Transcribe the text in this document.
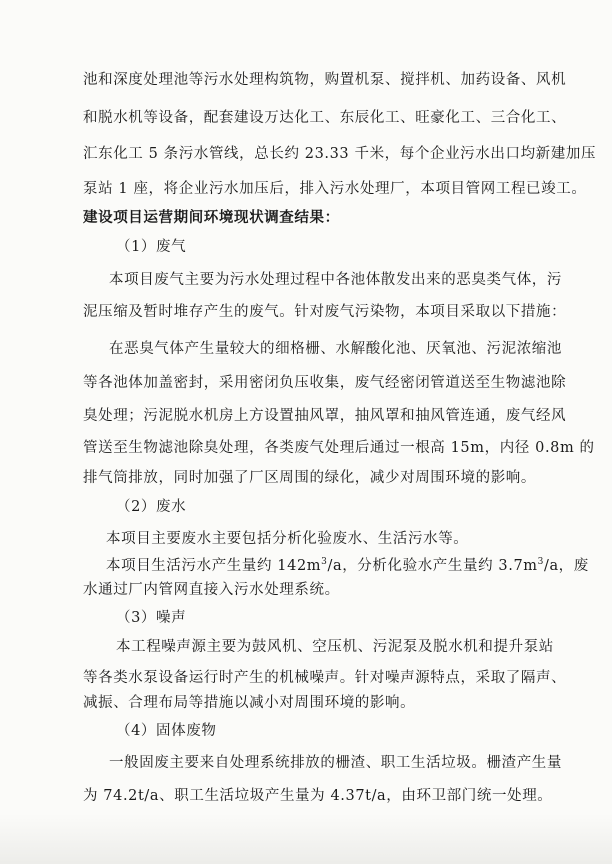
池和深度处理池等污水处理构筑物，购置机泵、搅拌机、加药设备、风机
和脱水机等设备，配套建设万达化工、东辰化工、旺豪化工、三合化工、
汇东化工 5 条污水管线，总长约 23.33 千米，每个企业污水出口均新建加压
泵站 1 座，将企业污水加压后，排入污水处理厂，本项目管网工程已竣工。
建设项目运营期间环境现状调查结果：
（1）废气
本项目废气主要为污水处理过程中各池体散发出来的恶臭类气体，污
泥压缩及暂时堆存产生的废气。针对废气污染物，本项目采取以下措施：
在恶臭气体产生量较大的细格栅、水解酸化池、厌氧池、污泥浓缩池
等各池体加盖密封，采用密闭负压收集，废气经密闭管道送至生物滤池除
臭处理；污泥脱水机房上方设置抽风罩，抽风罩和抽风管连通，废气经风
管送至生物滤池除臭处理，各类废气处理后通过一根高 15m，内径 0.8m 的
排气筒排放，同时加强了厂区周围的绿化，减少对周围环境的影响。
（2）废水
本项目主要废水主要包括分析化验废水、生活污水等。
本项目生活污水产生量约 $142m^3/a$，分析化验水产生量约 $3.7m^3/a$，废
水通过厂内管网直接入污水处理系统。
（3）噪声
本工程噪声源主要为鼓风机、空压机、污泥泵及脱水机和提升泵站
等各类水泵设备运行时产生的机械噪声。针对噪声源特点，采取了隔声、
减振、合理布局等措施以减小对周围环境的影响。
（4）固体废物
一般固废主要来自处理系统排放的栅渣、职工生活垃圾。栅渣产生量
为 74.2t/a、职工生活垃圾产生量为 4.37t/a，由环卫部门统一处理。
